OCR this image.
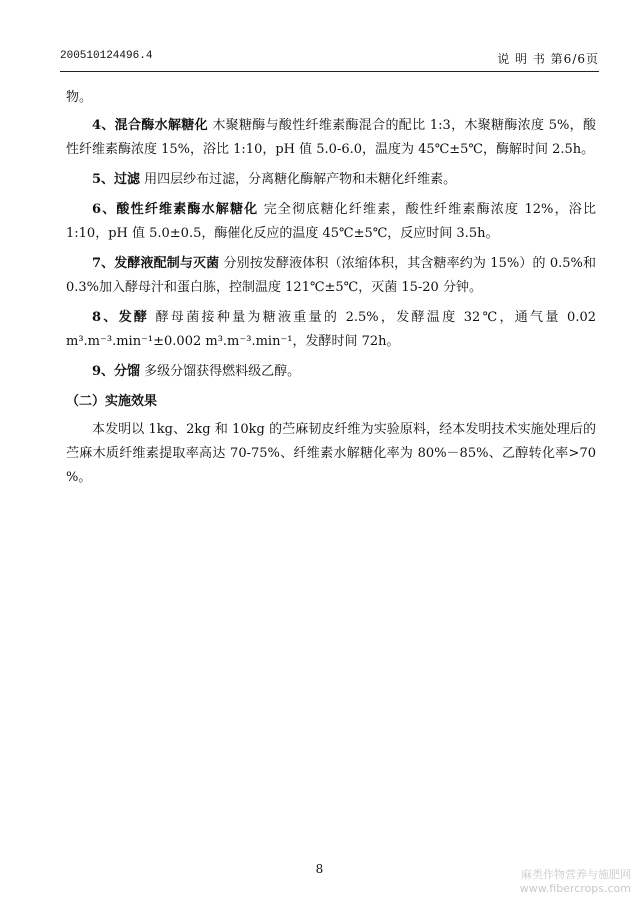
200510124496.4	说 明 书 第6/6页

物。

4、混合酶水解糖化 木聚糖酶与酸性纤维素酶混合的配比 1:3，木聚糖酶浓度 5%，酸性纤维素酶浓度 15%，浴比 1:10，pH 值 5.0-6.0，温度为 45℃±5℃，酶解时间 2.5h。

5、过滤 用四层纱布过滤，分离糖化酶解产物和未糖化纤维素。

6、酸性纤维素酶水解糖化 完全彻底糖化纤维素，酸性纤维素酶浓度 12%，浴比 1:10，pH 值 5.0±0.5，酶催化反应的温度 45℃±5℃，反应时间 3.5h。

7、发酵液配制与灭菌 分别按发酵液体积（浓缩体积，其含糖率约为 15%）的 0.5%和 0.3%加入酵母汁和蛋白胨，控制温度 121℃±5℃，灭菌 15-20 分钟。

8、发酵 酵母菌接种量为糖液重量的 2.5%，发酵温度 32℃，通气量 0.02 m³.m⁻³.min⁻¹±0.002 m³.m⁻³.min⁻¹，发酵时间 72h。

9、分馏 多级分馏获得燃料级乙醇。

（二）实施效果

本发明以 1kg、2kg 和 10kg 的苎麻韧皮纤维为实验原料，经本发明技术实施处理后的苎麻木质纤维素提取率高达 70-75%、纤维素水解糖化率为 80%－85%、乙醇转化率>70 %。

8	麻类作物营养与施肥网
www.fibercrops.com
